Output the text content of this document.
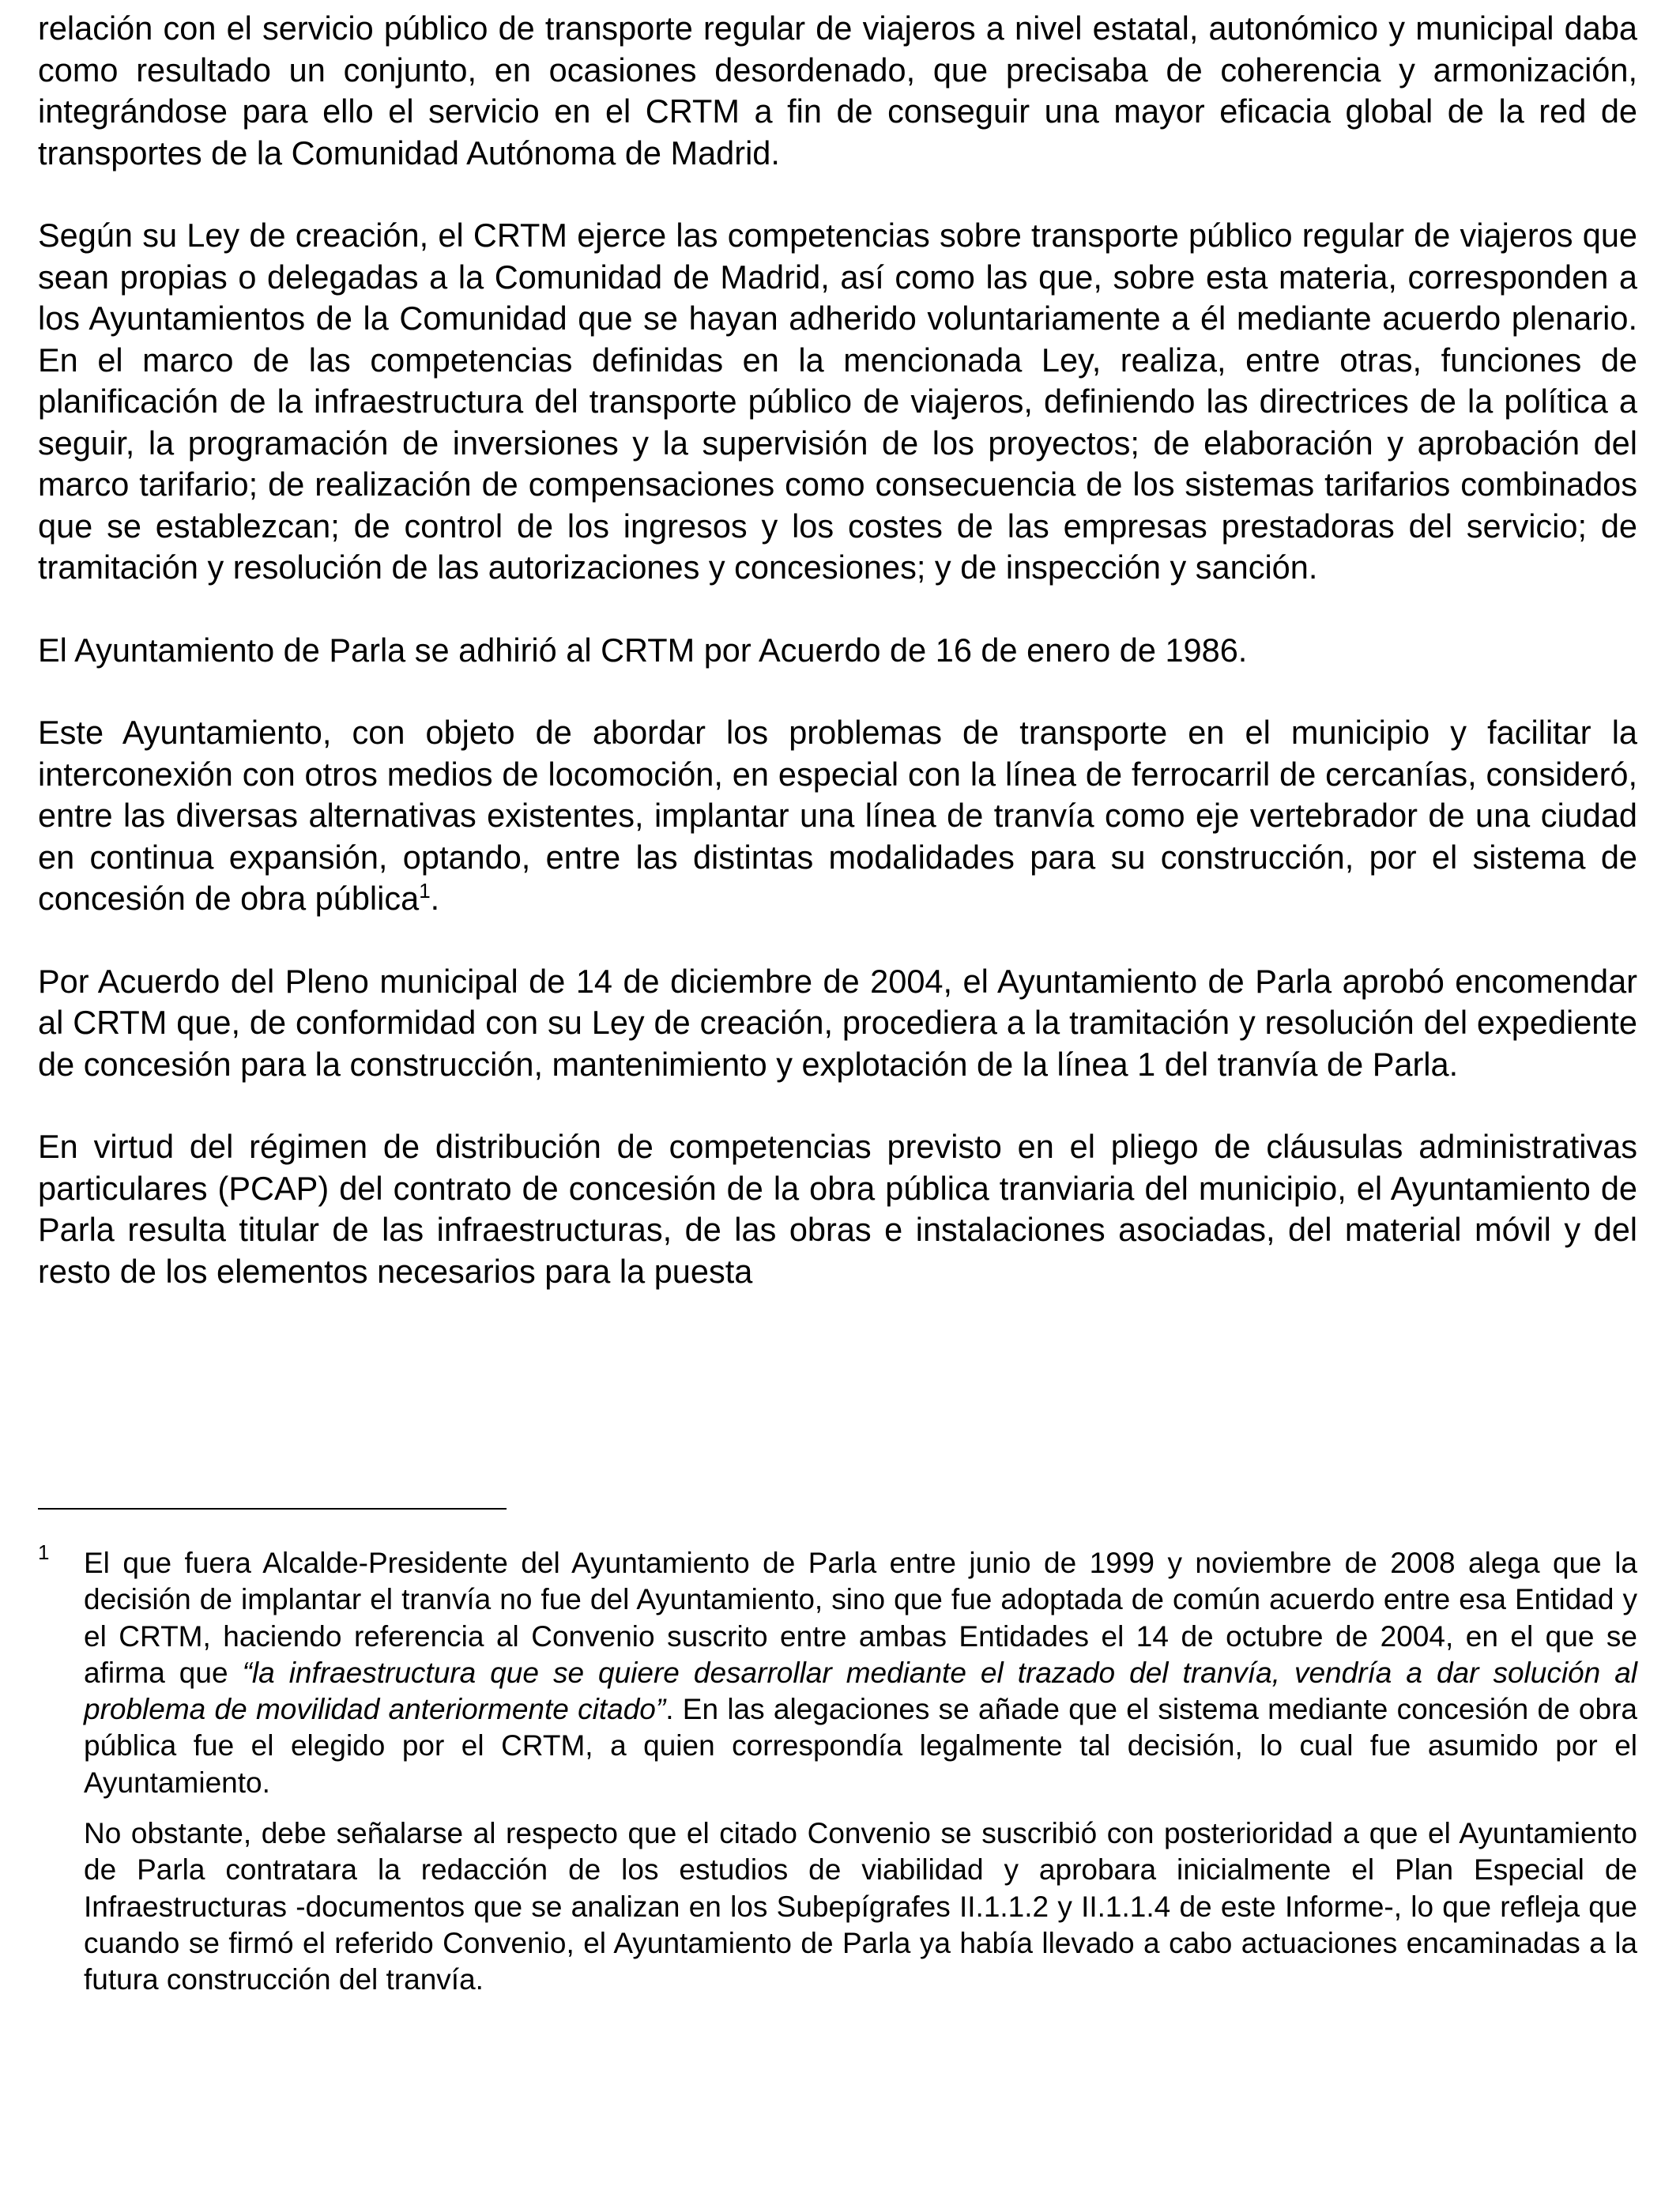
relación con el servicio público de transporte regular de viajeros a nivel estatal, autonómico y municipal daba como resultado un conjunto, en ocasiones desordenado, que precisaba de coherencia y armonización, integrándose para ello el servicio en el CRTM a fin de conseguir una mayor eficacia global de la red de transportes de la Comunidad Autónoma de Madrid.

Según su Ley de creación, el CRTM ejerce las competencias sobre transporte público regular de viajeros que sean propias o delegadas a la Comunidad de Madrid, así como las que, sobre esta materia, corresponden a los Ayuntamientos de la Comunidad que se hayan adherido voluntariamente a él mediante acuerdo plenario. En el marco de las competencias definidas en la mencionada Ley, realiza, entre otras, funciones de planificación de la infraestructura del transporte público de viajeros, definiendo las directrices de la política a seguir, la programación de inversiones y la supervisión de los proyectos; de elaboración y aprobación del marco tarifario; de realización de compensaciones como consecuencia de los sistemas tarifarios combinados que se establezcan; de control de los ingresos y los costes de las empresas prestadoras del servicio; de tramitación y resolución de las autorizaciones y concesiones; y de inspección y sanción.

El Ayuntamiento de Parla se adhirió al CRTM por Acuerdo de 16 de enero de 1986.

Este Ayuntamiento, con objeto de abordar los problemas de transporte en el municipio y facilitar la interconexión con otros medios de locomoción, en especial con la línea de ferrocarril de cercanías, consideró, entre las diversas alternativas existentes, implantar una línea de tranvía como eje vertebrador de una ciudad en continua expansión, optando, entre las distintas modalidades para su construcción, por el sistema de concesión de obra pública$^1$.

Por Acuerdo del Pleno municipal de 14 de diciembre de 2004, el Ayuntamiento de Parla aprobó encomendar al CRTM que, de conformidad con su Ley de creación, procediera a la tramitación y resolución del expediente de concesión para la construcción, mantenimiento y explotación de la línea 1 del tranvía de Parla.

En virtud del régimen de distribución de competencias previsto en el pliego de cláusulas administrativas particulares (PCAP) del contrato de concesión de la obra pública tranviaria del municipio, el Ayuntamiento de Parla resulta titular de las infraestructuras, de las obras e instalaciones asociadas, del material móvil y del resto de los elementos necesarios para la puesta

1 El que fuera Alcalde-Presidente del Ayuntamiento de Parla entre junio de 1999 y noviembre de 2008 alega que la decisión de implantar el tranvía no fue del Ayuntamiento, sino que fue adoptada de común acuerdo entre esa Entidad y el CRTM, haciendo referencia al Convenio suscrito entre ambas Entidades el 14 de octubre de 2004, en el que se afirma que “la infraestructura que se quiere desarrollar mediante el trazado del tranvía, vendría a dar solución al problema de movilidad anteriormente citado”. En las alegaciones se añade que el sistema mediante concesión de obra pública fue el elegido por el CRTM, a quien correspondía legalmente tal decisión, lo cual fue asumido por el Ayuntamiento.

No obstante, debe señalarse al respecto que el citado Convenio se suscribió con posterioridad a que el Ayuntamiento de Parla contratara la redacción de los estudios de viabilidad y aprobara inicialmente el Plan Especial de Infraestructuras -documentos que se analizan en los Subepígrafes II.1.1.2 y II.1.1.4 de este Informe-, lo que refleja que cuando se firmó el referido Convenio, el Ayuntamiento de Parla ya había llevado a cabo actuaciones encaminadas a la futura construcción del tranvía.
